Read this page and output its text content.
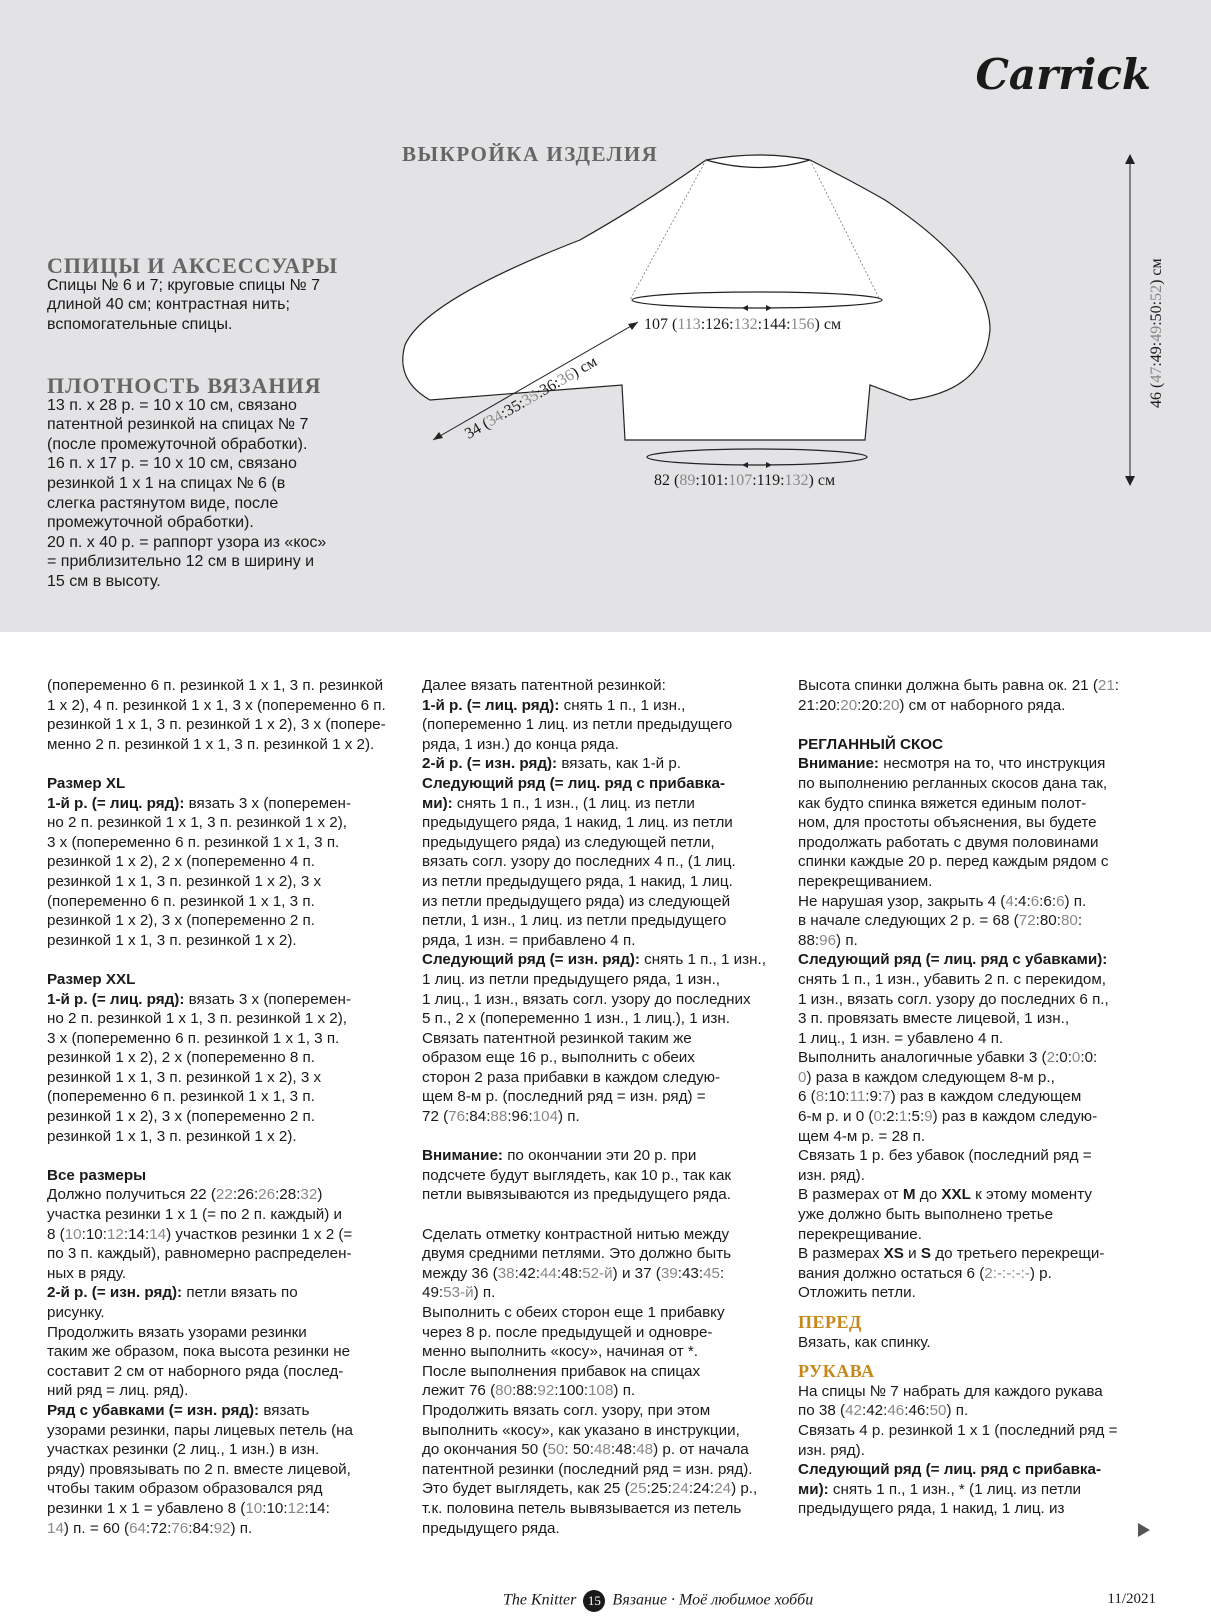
Carrick
ВЫКРОЙКА ИЗДЕЛИЯ
107 (113:126:132:144:156) см
82 (89:101:107:119:132) см
34 (34:35:35:36:36) см
46 (47:49:49:50:52) см

СПИЦЫ И АКСЕССУАРЫ

Спицы № 6 и 7; круговые спицы № 7

длиной 40 см; контрастная нить;

вспомогательные спицы.

ПЛОТНОСТЬ ВЯЗАНИЯ

13 п. х 28 р. = 10 х 10 см, связано

патентной резинкой на спицах № 7

(после промежуточной обработки).

16 п. х 17 р. = 10 х 10 см, связано

резинкой 1 х 1 на спицах № 6 (в

слегка растянутом виде, после

промежуточной обработки).

20 п. х 40 р. = раппорт узора из «кос»

= приблизительно 12 см в ширину и

15 см в высоту.

(попеременно 6 п. резинкой 1 х 1, 3 п. резинкой

1 х 2), 4 п. резинкой 1 х 1, 3 х (попеременно 6 п.

резинкой 1 х 1, 3 п. резинкой 1 х 2), 3 х (попере-

менно 2 п. резинкой 1 х 1, 3 п. резинкой 1 х 2).

Размер XL

1-й р. (= лиц. ряд): вязать 3 х (поперемен-

но 2 п. резинкой 1 х 1, 3 п. резинкой 1 х 2),

3 х (попеременно 6 п. резинкой 1 х 1, 3 п.

резинкой 1 х 2), 2 х (попеременно 4 п.

резинкой 1 х 1, 3 п. резинкой 1 х 2), 3 х

(попеременно 6 п. резинкой 1 х 1, 3 п.

резинкой 1 х 2), 3 х (попеременно 2 п.

резинкой 1 х 1, 3 п. резинкой 1 х 2).

Размер XXL

1-й р. (= лиц. ряд): вязать 3 х (поперемен-

но 2 п. резинкой 1 х 1, 3 п. резинкой 1 х 2),

3 х (попеременно 6 п. резинкой 1 х 1, 3 п.

резинкой 1 х 2), 2 х (попеременно 8 п.

резинкой 1 х 1, 3 п. резинкой 1 х 2), 3 х

(попеременно 6 п. резинкой 1 х 1, 3 п.

резинкой 1 х 2), 3 х (попеременно 2 п.

резинкой 1 х 1, 3 п. резинкой 1 х 2).

Все размеры

Должно получиться 22 (22:26:26:28:32)

участка резинки 1 х 1 (= по 2 п. каждый) и

8 (10:10:12:14:14) участков резинки 1 х 2 (=

по 3 п. каждый), равномерно распределен-

ных в ряду.

2-й р. (= изн. ряд): петли вязать по

рисунку.

Продолжить вязать узорами резинки

таким же образом, пока высота резинки не

составит 2 см от наборного ряда (послед-

ний ряд = лиц. ряд).

Ряд с убавками (= изн. ряд): вязать

узорами резинки, пары лицевых петель (на

участках резинки (2 лиц., 1 изн.) в изн.

ряду) провязывать по 2 п. вместе лицевой,

чтобы таким образом образовался ряд

резинки 1 х 1 = убавлено 8 (10:10:12:14:

14) п. = 60 (64:72:76:84:92) п.

Далее вязать патентной резинкой:

1-й р. (= лиц. ряд): снять 1 п., 1 изн.,

(попеременно 1 лиц. из петли предыдущего

ряда, 1 изн.) до конца ряда.

2-й р. (= изн. ряд): вязать, как 1-й р.

Следующий ряд (= лиц. ряд с прибавка-

ми): снять 1 п., 1 изн., (1 лиц. из петли

предыдущего ряда, 1 накид, 1 лиц. из петли

предыдущего ряда) из следующей петли,

вязать согл. узору до последних 4 п., (1 лиц.

из петли предыдущего ряда, 1 накид, 1 лиц.

из петли предыдущего ряда) из следующей

петли, 1 изн., 1 лиц. из петли предыдущего

ряда, 1 изн. = прибавлено 4 п.

Следующий ряд (= изн. ряд): снять 1 п., 1 изн.,

1 лиц. из петли предыдущего ряда, 1 изн.,

1 лиц., 1 изн., вязать согл. узору до последних

5 п., 2 х (попеременно 1 изн., 1 лиц.), 1 изн.

Связать патентной резинкой таким же

образом еще 16 р., выполнить с обеих

сторон 2 раза прибавки в каждом следую-

щем 8-м р. (последний ряд = изн. ряд) =

72 (76:84:88:96:104) п.

Внимание: по окончании эти 20 р. при

подсчете будут выглядеть, как 10 р., так как

петли вывязываются из предыдущего ряда.

Сделать отметку контрастной нитью между

двумя средними петлями. Это должно быть

между 36 (38:42:44:48:52-й) и 37 (39:43:45:

49:53-й) п.

Выполнить с обеих сторон еще 1 прибавку

через 8 р. после предыдущей и одновре-

менно выполнить «косу», начиная от *.

После выполнения прибавок на спицах

лежит 76 (80:88:92:100:108) п.

Продолжить вязать согл. узору, при этом

выполнить «косу», как указано в инструкции,

до окончания 50 (50: 50:48:48:48) р. от начала

патентной резинки (последний ряд = изн. ряд).

Это будет выглядеть, как 25 (25:25:24:24:24) р.,

т.к. половина петель вывязывается из петель

предыдущего ряда.

Высота спинки должна быть равна ок. 21 (21:

21:20:20:20:20) см от наборного ряда.

РЕГЛАННЫЙ СКОС

Внимание: несмотря на то, что инструкция

по выполнению регланных скосов дана так,

как будто спинка вяжется единым полот-

ном, для простоты объяснения, вы будете

продолжать работать с двумя половинами

спинки каждые 20 р. перед каждым рядом с

перекрещиванием.

Не нарушая узор, закрыть 4 (4:4:6:6:6) п.

в начале следующих 2 р. = 68 (72:80:80:

88:96) п.

Следующий ряд (= лиц. ряд с убавками):

снять 1 п., 1 изн., убавить 2 п. с перекидом,

1 изн., вязать согл. узору до последних 6 п.,

3 п. провязать вместе лицевой, 1 изн.,

1 лиц., 1 изн. = убавлено 4 п.

Выполнить аналогичные убавки 3 (2:0:0:0:

0) раза в каждом следующем 8-м р.,

6 (8:10:11:9:7) раз в каждом следующем

6-м р. и 0 (0:2:1:5:9) раз в каждом следую-

щем 4-м р. = 28 п.

Связать 1 р. без убавок (последний ряд =

изн. ряд).

В размерах от M до XXL к этому моменту

уже должно быть выполнено третье

перекрещивание.

В размерах XS и S до третьего перекрещи-

вания должно остаться 6 (2:-:-:-:-) р.

Отложить петли.

ПЕРЕД

Вязать, как спинку.

РУКАВА

На спицы № 7 набрать для каждого рукава

по 38 (42:42:46:46:50) п.

Связать 4 р. резинкой 1 х 1 (последний ряд =

изн. ряд).

Следующий ряд (= лиц. ряд с прибавка-

ми): снять 1 п., 1 изн., * (1 лиц. из петли

предыдущего ряда, 1 накид, 1 лиц. из

The Knitter 15 Вязание · Моё любимое хобби	11/2021
